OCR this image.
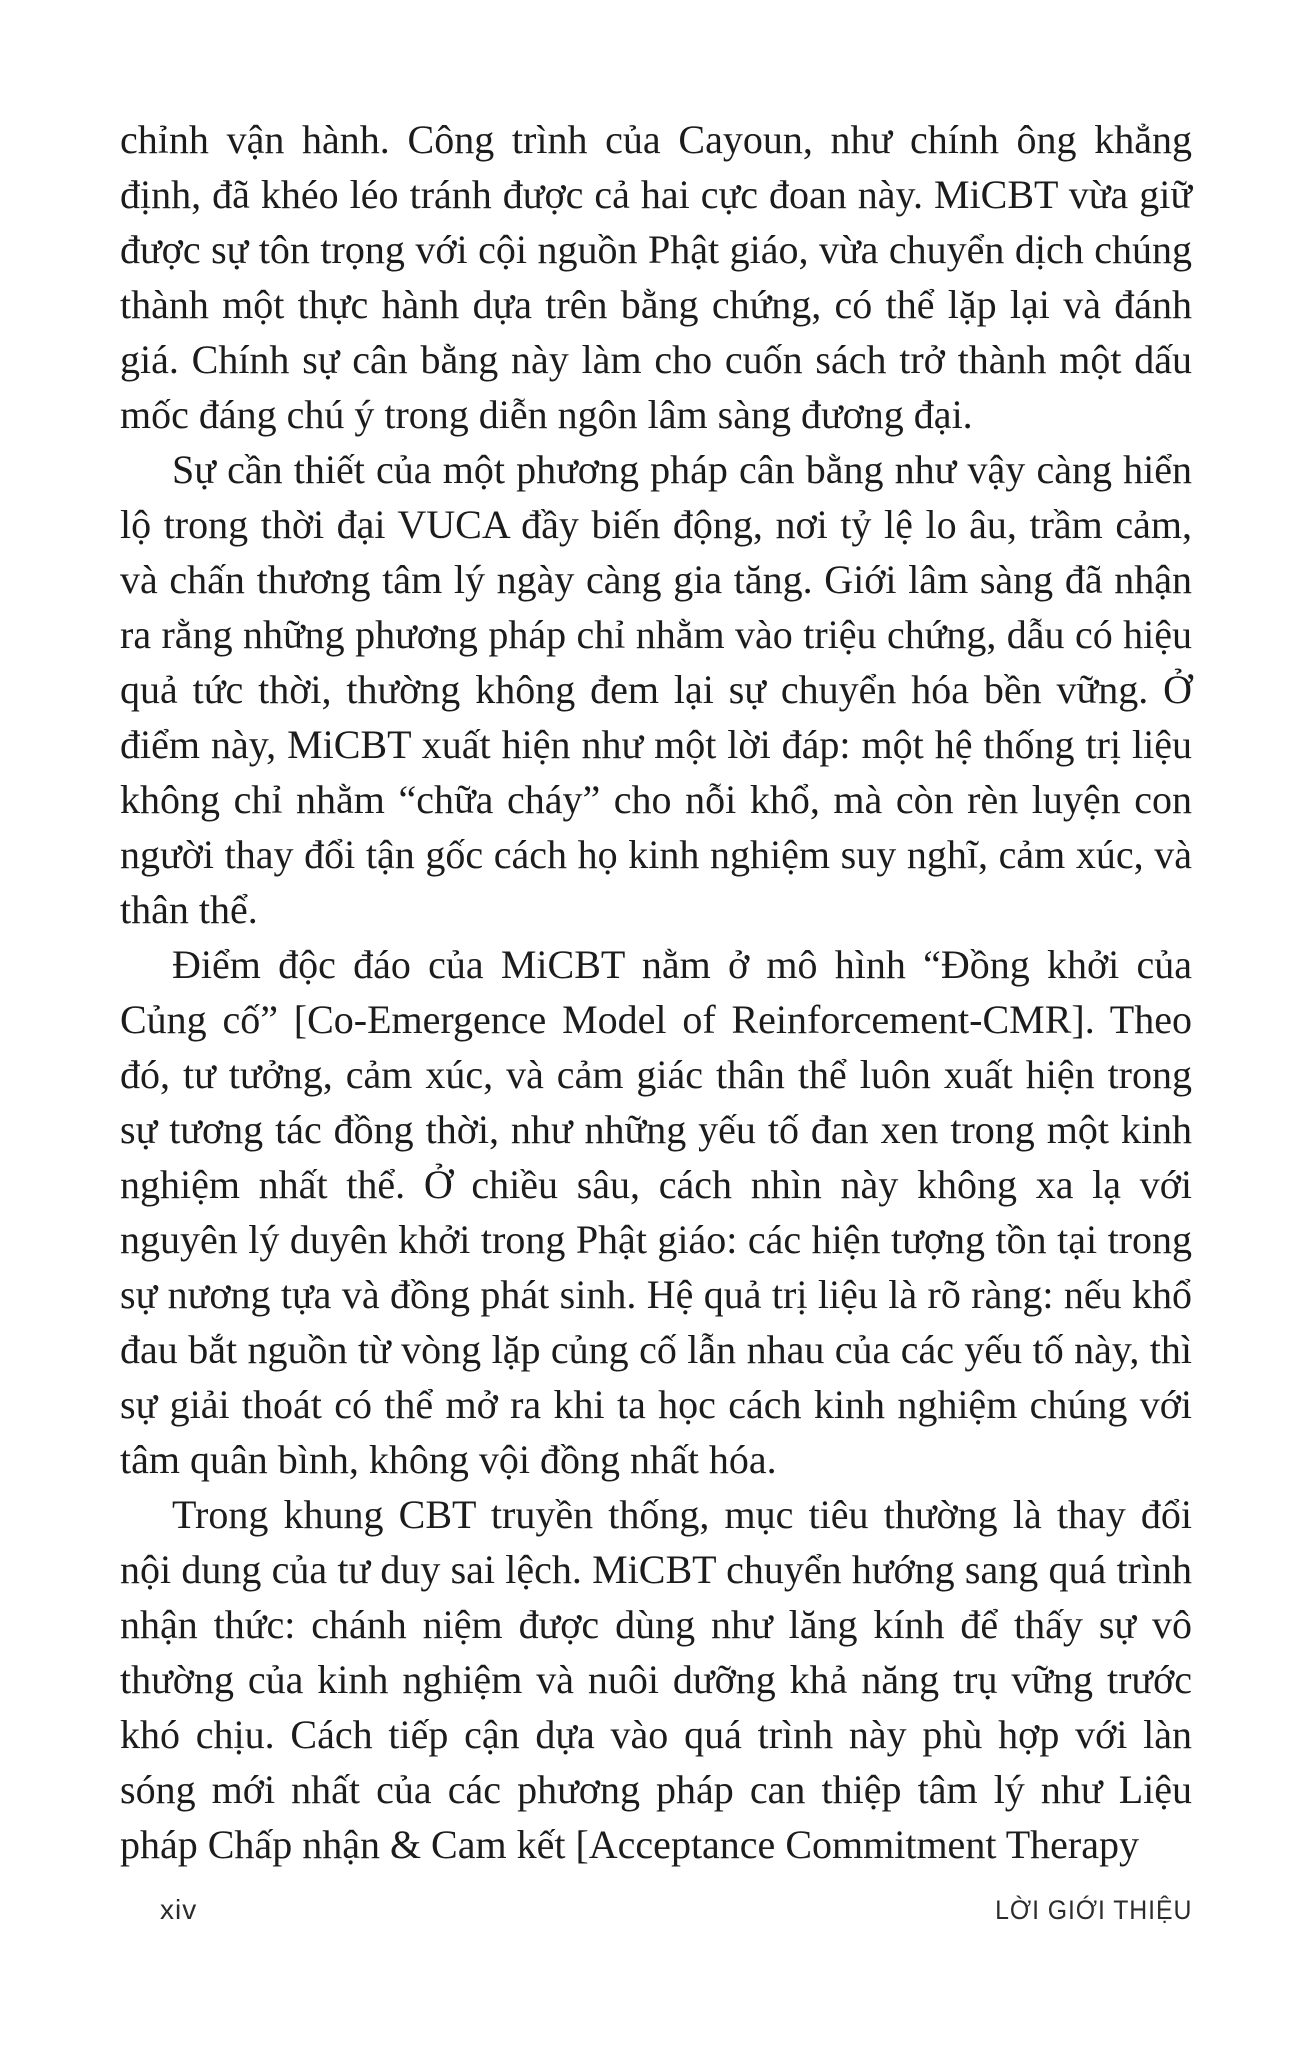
chỉnh vận hành. Công trình của Cayoun, như chính ông khẳng định, đã khéo léo tránh được cả hai cực đoan này. MiCBT vừa giữ được sự tôn trọng với cội nguồn Phật giáo, vừa chuyển dịch chúng thành một thực hành dựa trên bằng chứng, có thể lặp lại và đánh giá. Chính sự cân bằng này làm cho cuốn sách trở thành một dấu mốc đáng chú ý trong diễn ngôn lâm sàng đương đại.

Sự cần thiết của một phương pháp cân bằng như vậy càng hiển lộ trong thời đại VUCA đầy biến động, nơi tỷ lệ lo âu, trầm cảm, và chấn thương tâm lý ngày càng gia tăng. Giới lâm sàng đã nhận ra rằng những phương pháp chỉ nhằm vào triệu chứng, dẫu có hiệu quả tức thời, thường không đem lại sự chuyển hóa bền vững. Ở điểm này, MiCBT xuất hiện như một lời đáp: một hệ thống trị liệu không chỉ nhằm “chữa cháy” cho nỗi khổ, mà còn rèn luyện con người thay đổi tận gốc cách họ kinh nghiệm suy nghĩ, cảm xúc, và thân thể.

Điểm độc đáo của MiCBT nằm ở mô hình “Đồng khởi của Củng cố” [Co-Emergence Model of Reinforcement-CMR]. Theo đó, tư tưởng, cảm xúc, và cảm giác thân thể luôn xuất hiện trong sự tương tác đồng thời, như những yếu tố đan xen trong một kinh nghiệm nhất thể. Ở chiều sâu, cách nhìn này không xa lạ với nguyên lý duyên khởi trong Phật giáo: các hiện tượng tồn tại trong sự nương tựa và đồng phát sinh. Hệ quả trị liệu là rõ ràng: nếu khổ đau bắt nguồn từ vòng lặp củng cố lẫn nhau của các yếu tố này, thì sự giải thoát có thể mở ra khi ta học cách kinh nghiệm chúng với tâm quân bình, không vội đồng nhất hóa.

Trong khung CBT truyền thống, mục tiêu thường là thay đổi nội dung của tư duy sai lệch. MiCBT chuyển hướng sang quá trình nhận thức: chánh niệm được dùng như lăng kính để thấy sự vô thường của kinh nghiệm và nuôi dưỡng khả năng trụ vững trước khó chịu. Cách tiếp cận dựa vào quá trình này phù hợp với làn sóng mới nhất của các phương pháp can thiệp tâm lý như Liệu pháp Chấp nhận & Cam kết [Acceptance Commitment Therapy

xiv	LỜI GIỚI THIỆU
